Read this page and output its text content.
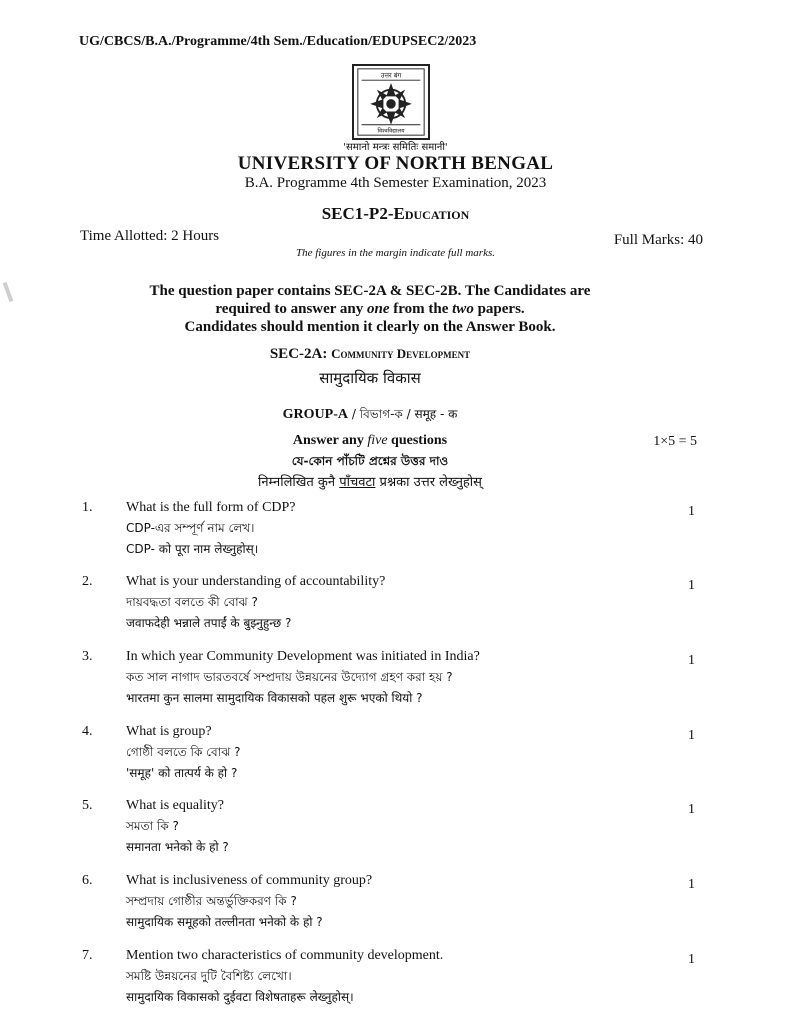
UG/CBCS/B.A./Programme/4th Sem./Education/EDUPSEC2/2023
उत्तर बंग
विश्वविद्यालय
'समानो मन्त्रः समितिः समानी'
UNIVERSITY OF NORTH BENGAL
B.A. Programme 4th Semester Examination, 2023
SEC1-P2-Education
Time Allotted: 2 Hours	Full Marks: 40
The figures in the margin indicate full marks.
The question paper contains SEC-2A & SEC-2B. The Candidates are
required to answer any one from the two papers.
Candidates should mention it clearly on the Answer Book.
SEC-2A: Community Development
सामुदायिक विकास
GROUP-A / বিভাগ-ক / समूह - क
Answer any five questions	1×5 = 5
যে-কোন পাঁচটি প্রশ্নের উত্তর দাও
निम्नलिखित कुनै पाँचवटा प्रश्नका उत्तर लेख्नुहोस्
1. What is the full form of CDP?
CDP-এর সম্পূর্ণ নাম লেখ।
CDP- को पूरा नाम लेख्नुहोस्।
1
2. What is your understanding of accountability?
দায়বদ্ধতা বলতে কী বোঝ ?
जवाफदेही भन्नाले तपाईं के बुझ्नुहुन्छ ?
1
3. In which year Community Development was initiated in India?
কত সাল নাগাদ ভারতবর্ষে সম্প্রদায় উন্নয়নের উদ্যোগ গ্রহণ করা হয় ?
भारतमा कुन सालमा सामुदायिक विकासको पहल शुरू भएको थियो ?
1
4. What is group?
গোষ্ঠী বলতে কি বোঝ ?
'समूह' को तात्पर्य के हो ?
1
5. What is equality?
সমতা কি ?
समानता भनेको के हो ?
1
6. What is inclusiveness of community group?
সম্প্রদায় গোষ্ঠীর অন্তর্ভুক্তিকরণ কি ?
सामुदायिक समूहको तल्लीनता भनेको के हो ?
1
7. Mention two characteristics of community development.
সমষ্টি উন্নয়নের দুটি বৈশিষ্ট্য লেখো।
सामुदायिक विकासको दुईवटा विशेषताहरू लेख्नुहोस्।
1
